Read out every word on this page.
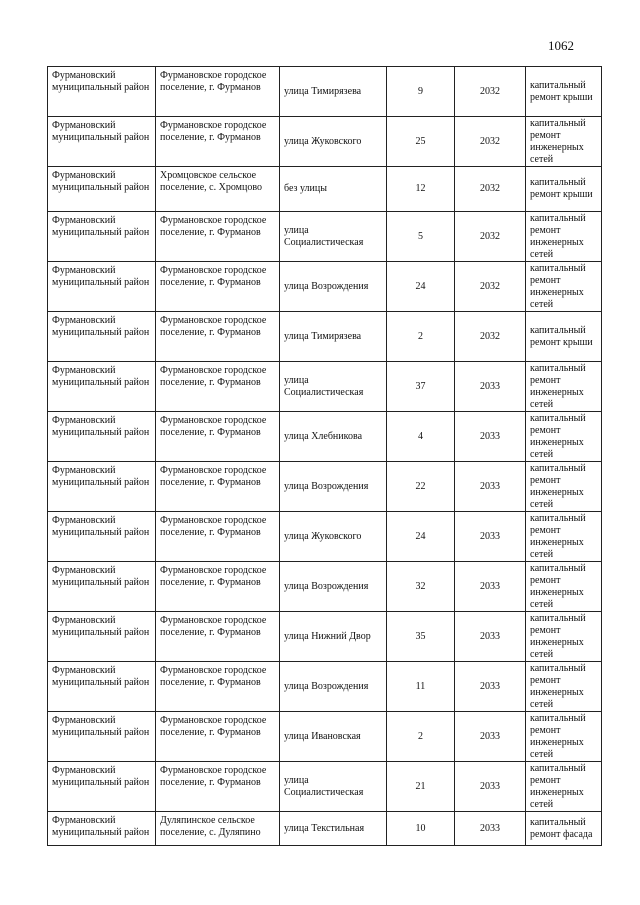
1062
Фурмановский муниципальный район	Фурмановское городское поселение, г. Фурманов	улица Тимирязева	9	2032	капитальный ремонт крыши
Фурмановский муниципальный район	Фурмановское городское поселение, г. Фурманов	улица Жуковского	25	2032	капитальный ремонт инженерных сетей
Фурмановский муниципальный район	Хромцовское сельское поселение, с. Хромцово	без улицы	12	2032	капитальный ремонт крыши
Фурмановский муниципальный район	Фурмановское городское поселение, г. Фурманов	улица Социалистическая	5	2032	капитальный ремонт инженерных сетей
Фурмановский муниципальный район	Фурмановское городское поселение, г. Фурманов	улица Возрождения	24	2032	капитальный ремонт инженерных сетей
Фурмановский муниципальный район	Фурмановское городское поселение, г. Фурманов	улица Тимирязева	2	2032	капитальный ремонт крыши
Фурмановский муниципальный район	Фурмановское городское поселение, г. Фурманов	улица Социалистическая	37	2033	капитальный ремонт инженерных сетей
Фурмановский муниципальный район	Фурмановское городское поселение, г. Фурманов	улица Хлебникова	4	2033	капитальный ремонт инженерных сетей
Фурмановский муниципальный район	Фурмановское городское поселение, г. Фурманов	улица Возрождения	22	2033	капитальный ремонт инженерных сетей
Фурмановский муниципальный район	Фурмановское городское поселение, г. Фурманов	улица Жуковского	24	2033	капитальный ремонт инженерных сетей
Фурмановский муниципальный район	Фурмановское городское поселение, г. Фурманов	улица Возрождения	32	2033	капитальный ремонт инженерных сетей
Фурмановский муниципальный район	Фурмановское городское поселение, г. Фурманов	улица Нижний Двор	35	2033	капитальный ремонт инженерных сетей
Фурмановский муниципальный район	Фурмановское городское поселение, г. Фурманов	улица Возрождения	11	2033	капитальный ремонт инженерных сетей
Фурмановский муниципальный район	Фурмановское городское поселение, г. Фурманов	улица Ивановская	2	2033	капитальный ремонт инженерных сетей
Фурмановский муниципальный район	Фурмановское городское поселение, г. Фурманов	улица Социалистическая	21	2033	капитальный ремонт инженерных сетей
Фурмановский муниципальный район	Дуляпинское сельское поселение, с. Дуляпино	улица Текстильная	10	2033	капитальный ремонт фасада
